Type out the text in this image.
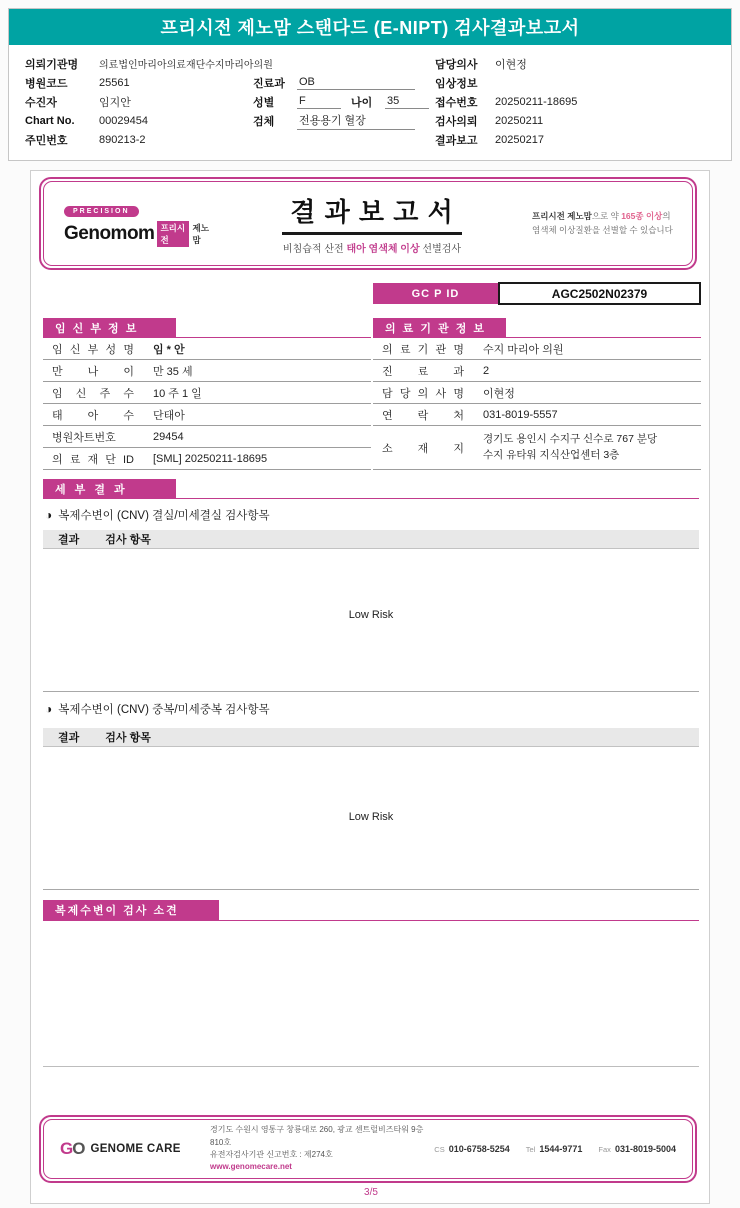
프리시전 제노맘 스탠다드 (E-NIPT) 검사결과보고서
의뢰기관명	의료법인마리아의료재단수지마리아의원
병원코드	25561
수진자	임지안
Chart No.	00029454
주민번호	890213-2
진료과	OB
성별	F	나이	35
검체	전용용기 혈장
담당의사	이현정
임상정보
접수번호	20250211-18695
검사의뢰	20250211
결과보고	20250217
PRECISION
Genomom 프리시전
제노맘
결 과 보 고 서
비침습적 산전 태아 염색체 이상 선별검사
프리시전 제노맘으로 약 165종 이상의
염색체 이상질환을 선별할 수 있습니다
GC P ID	AGC2502N02379
임 신 부 정 보
임 신 부 성 명	임 * 안
만 나 이	만 35 세
임 신 주 수	10 주 1 일
태 아 수	단태아
병원차트번호	29454
의 료 재 단 ID	[SML] 20250211-18695
의 료 기 관 정 보
의 료 기 관 명	수지 마리아 의원
진 료 과	2
담 당 의 사 명	이현정
연 락 처	031-8019-5557
소 재 지
경기도 용인시 수지구 신수로 767 분당
수지 유타워 지식산업센터 3층
세 부 결 과
◑ 복제수변이 (CNV) 결실/미세결실 검사항목
결과 검사 항목
Low Risk
◑ 복제수변이 (CNV) 중복/미세중복 검사항목
결과 검사 항목
Low Risk
복제수변이 검사 소견
GO GENOME CARE
경기도 수원시 영통구 창룡대로 260, 광교 센트럴비즈타워 9층 810호
유전자검사기관 신고번호 : 제274호
www.genomecare.net
CS 010-6758-5254 Tel 1544-9771 Fax 031-8019-5004
3/5
